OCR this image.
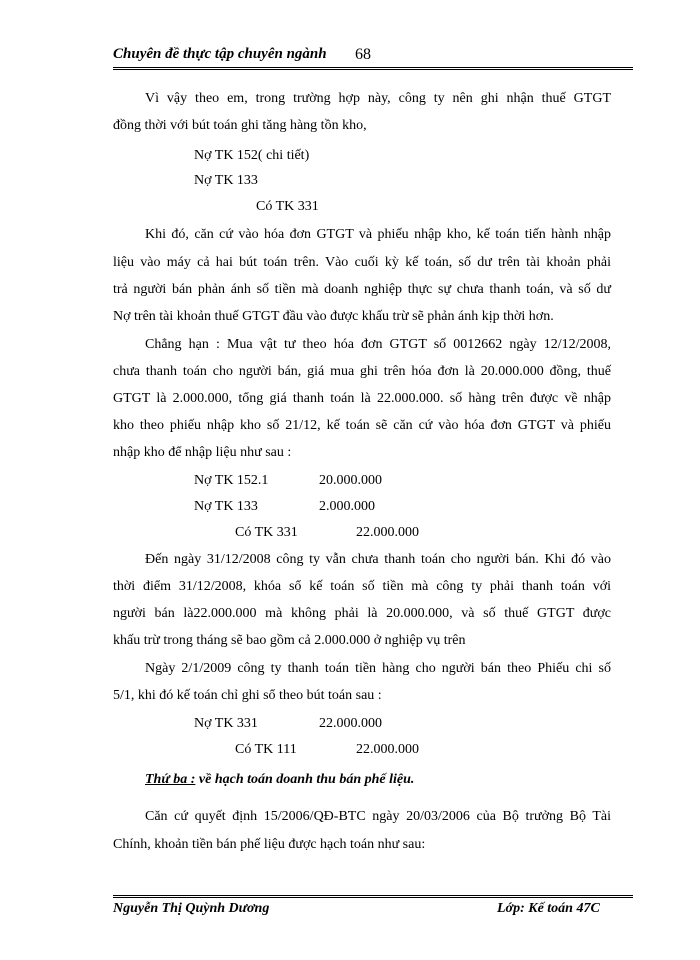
Chuyên đề thực tập chuyên ngành 68
Vì vậy theo em, trong trường hợp này, công ty nên ghi nhận thuế GTGT
đồng thời với bút toán ghi tăng hàng tồn kho,
Nợ TK 152( chi tiết)
Nợ TK 133
Có TK 331
Khi đó, căn cứ vào hóa đơn GTGT và phiếu nhập kho, kế toán tiến hành nhập
liệu vào máy cả hai bút toán trên. Vào cuối kỳ kế toán, số dư trên tài khoản phải
trả người bán phản ánh số tiền mà doanh nghiệp thực sự chưa thanh toán, và số dư
Nợ trên tài khoản thuế GTGT đầu vào được khấu trừ sẽ phản ánh kịp thời hơn.
Chẳng hạn : Mua vật tư theo hóa đơn GTGT số 0012662 ngày 12/12/2008,
chưa thanh toán cho người bán, giá mua ghi trên hóa đơn là 20.000.000 đồng, thuế
GTGT là 2.000.000, tổng giá thanh toán là 22.000.000. số hàng trên được về nhập
kho theo phiếu nhập kho số 21/12, kế toán sẽ căn cứ vào hóa đơn GTGT và phiếu
nhập kho để nhập liệu như sau :
Nợ TK 152.1	20.000.000
Nợ TK 133	2.000.000
Có TK 331	22.000.000
Đến ngày 31/12/2008 công ty vẫn chưa thanh toán cho người bán. Khi đó vào
thời điểm 31/12/2008, khóa sổ kế toán số tiền mà công ty phải thanh toán với
người bán là22.000.000 mà không phải là 20.000.000, và số thuế GTGT được
khấu trừ trong tháng sẽ bao gồm cả 2.000.000 ở nghiệp vụ trên
Ngày 2/1/2009 công ty thanh toán tiền hàng cho người bán theo Phiếu chi số
5/1, khi đó kế toán chỉ ghi sổ theo bút toán sau :
Nợ TK 331	22.000.000
Có TK 111	22.000.000
Thứ ba : về hạch toán doanh thu bán phế liệu.
Căn cứ quyết định 15/2006/QĐ-BTC ngày 20/03/2006 của Bộ trưởng Bộ Tài
Chính, khoản tiền bán phế liệu được hạch toán như sau:
Nguyễn Thị Quỳnh Dương	Lớp: Kế toán 47C
